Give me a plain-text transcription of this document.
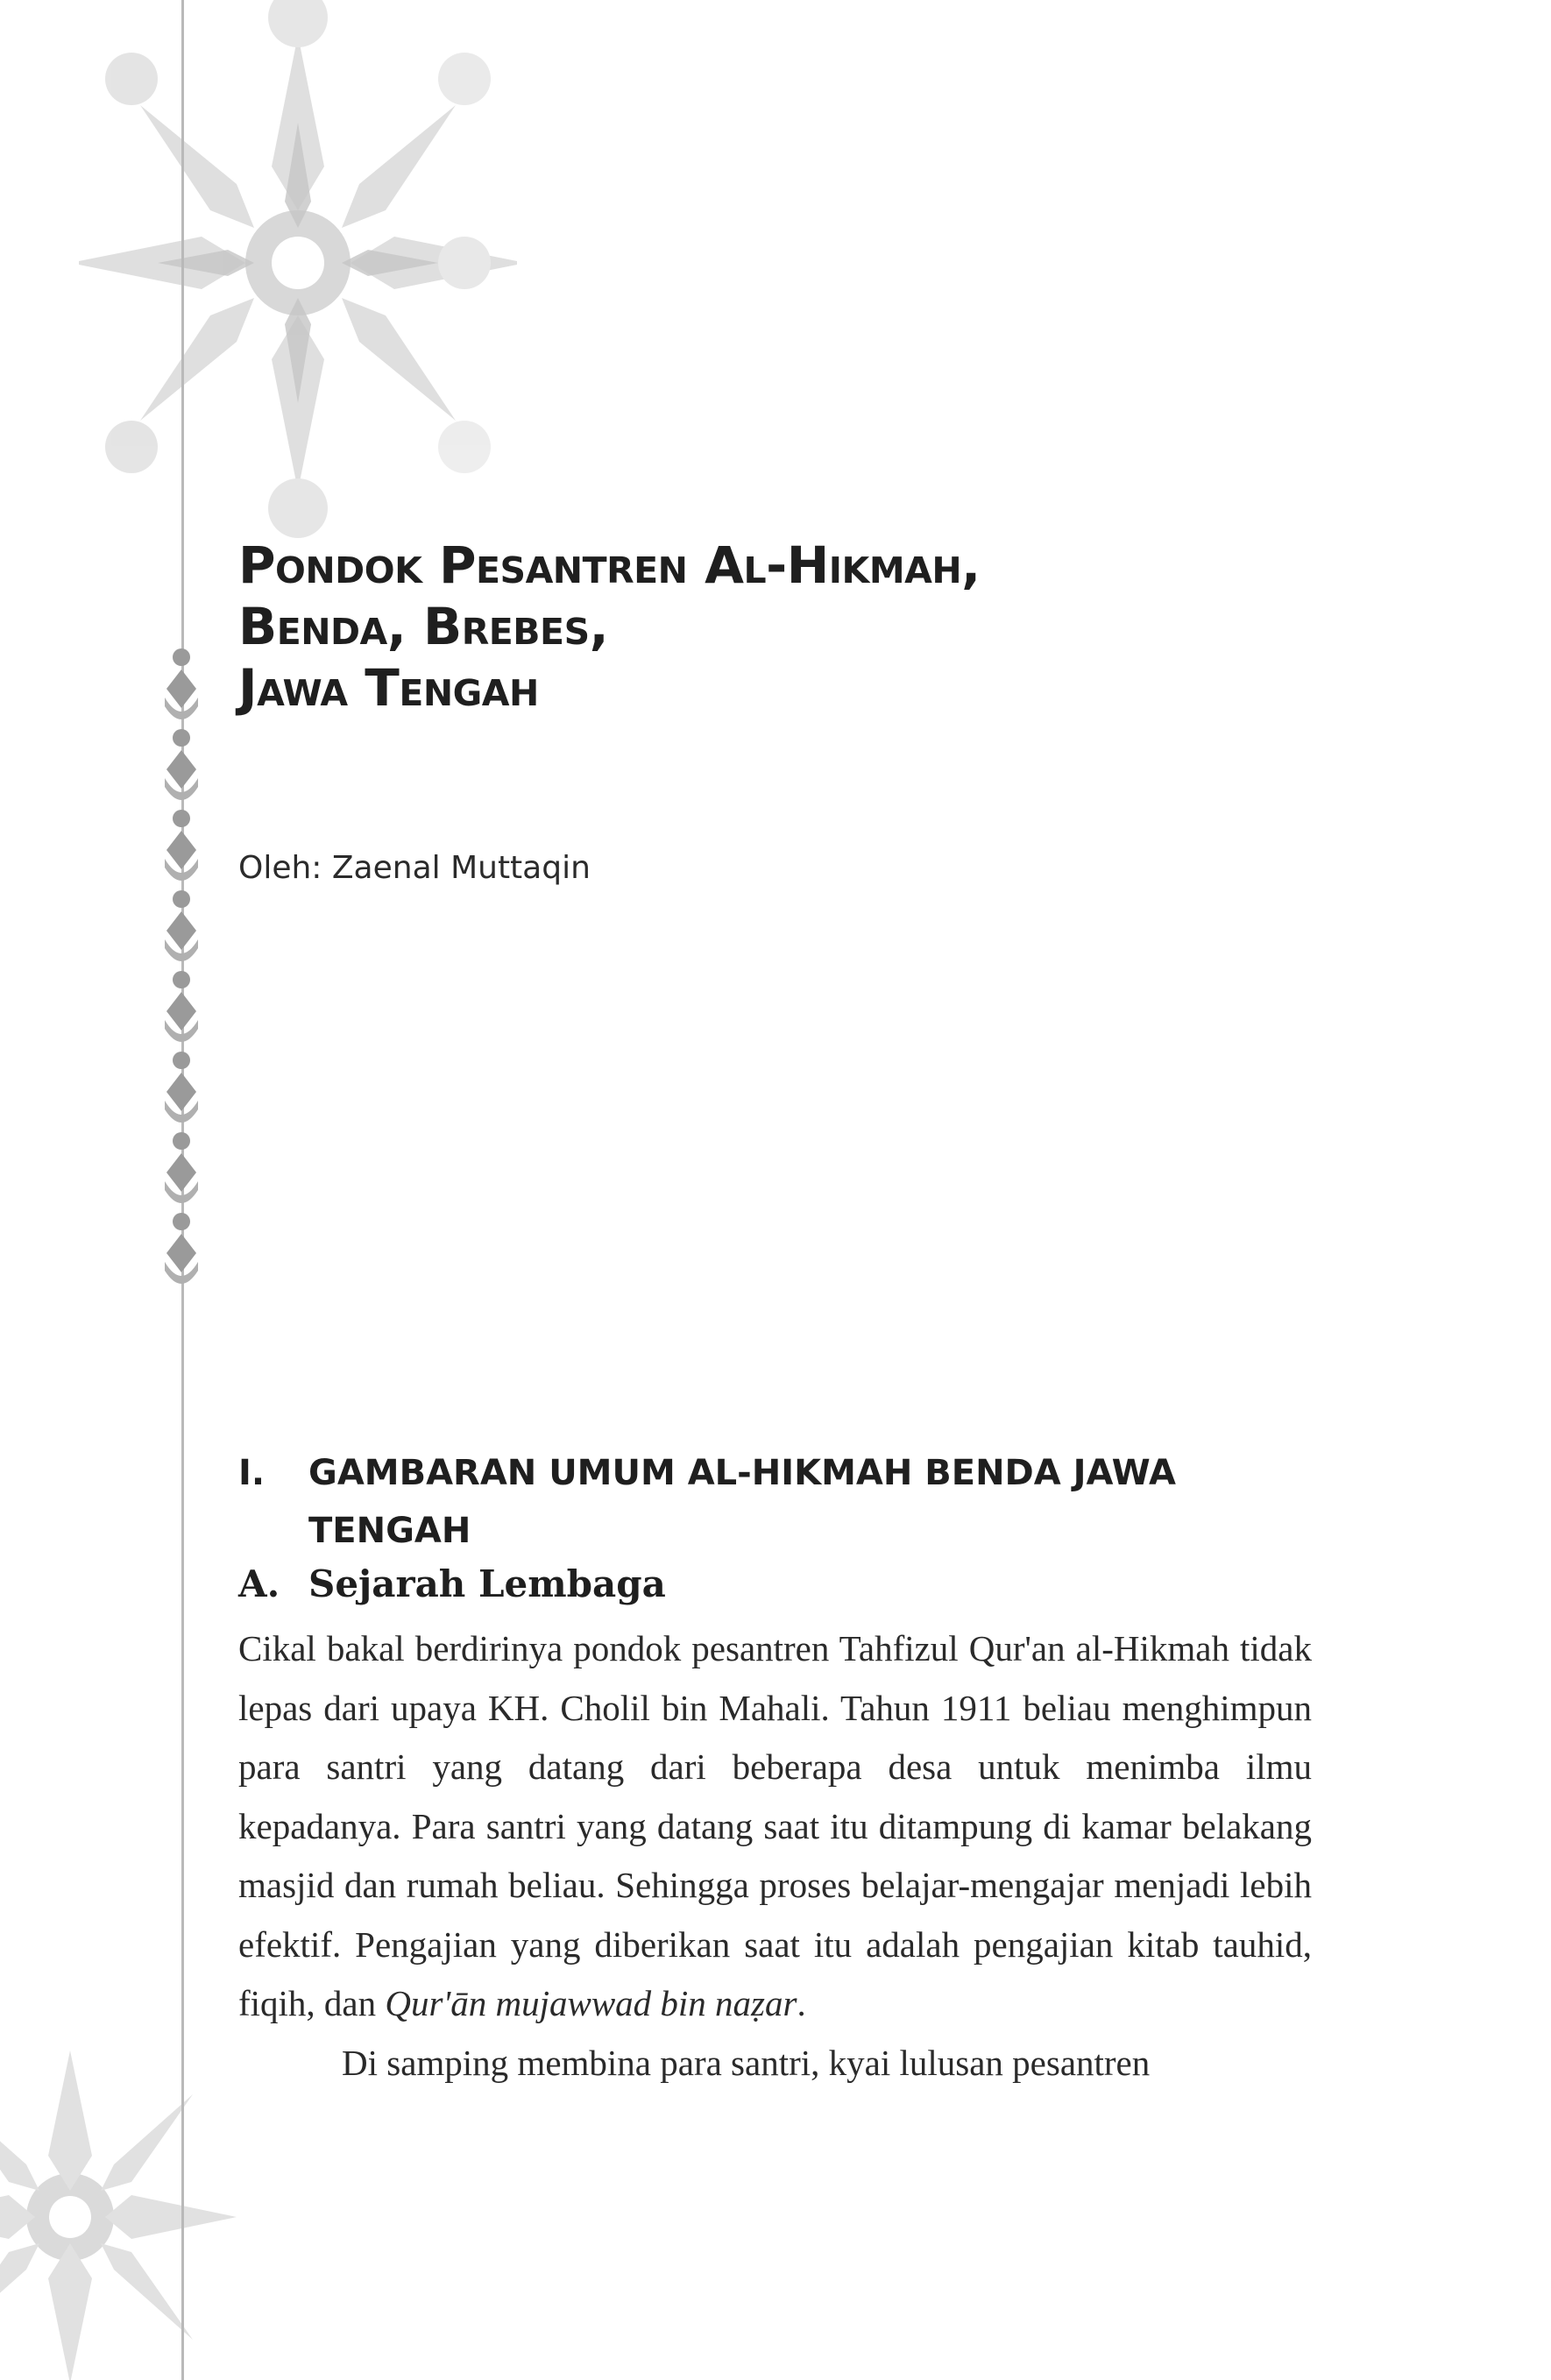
Pondok Pesantren Al-Hikmah,
Benda, Brebes,
Jawa Tengah
Oleh: Zaenal Muttaqin
I. GAMBARAN UMUM AL-HIKMAH BENDA JAWA TENGAH
A. Sejarah Lembaga

Cikal bakal berdirinya pondok pesantren Tahfizul Qur'an al-Hikmah tidak lepas dari upaya KH. Cholil bin Mahali. Tahun 1911 beliau menghimpun para santri yang datang dari beberapa desa untuk menimba ilmu kepadanya. Para santri yang datang saat itu ditampung di kamar belakang masjid dan rumah beliau. Sehingga proses belajar-mengajar menjadi lebih efektif. Pengajian yang diberikan saat itu adalah pengajian kitab tauhid, fiqih, dan Qur'ān mujawwad bin naẓar.

Di samping membina para santri, kyai lulusan pesantren
